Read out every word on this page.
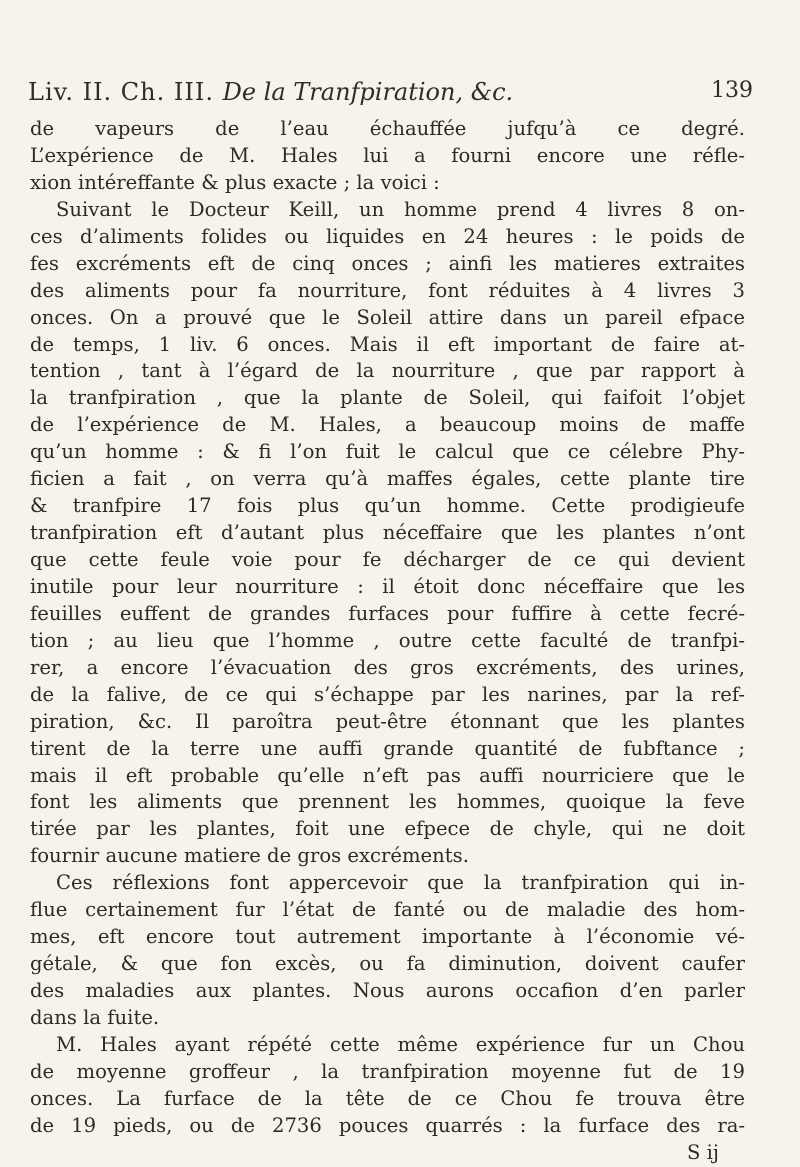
Liv. II. Ch. III. De la Tranfpiration, &c.	139
de vapeurs de l’eau échauffée jufqu’à ce degré.
L’expérience de M. Hales lui a fourni encore une réfle-
xion intéreffante & plus exacte ; la voici :
Suivant le Docteur Keill, un homme prend 4 livres 8 on-
ces d’aliments folides ou liquides en 24 heures : le poids de
fes excréments eft de cinq onces ; ainfi les matieres extraites
des aliments pour fa nourriture, font réduites à 4 livres 3
onces. On a prouvé que le Soleil attire dans un pareil efpace
de temps, 1 liv. 6 onces. Mais il eft important de faire at-
tention , tant à l’égard de la nourriture , que par rapport à
la tranfpiration , que la plante de Soleil, qui faifoit l’objet
de l’expérience de M. Hales, a beaucoup moins de maffe
qu’un homme : & fi l’on fuit le calcul que ce célebre Phy-
ficien a fait , on verra qu’à maffes égales, cette plante tire
& tranfpire 17 fois plus qu’un homme. Cette prodigieufe
tranfpiration eft d’autant plus néceffaire que les plantes n’ont
que cette feule voie pour fe décharger de ce qui devient
inutile pour leur nourriture : il étoit donc néceffaire que les
feuilles euffent de grandes furfaces pour fuffire à cette fecré-
tion ; au lieu que l’homme , outre cette faculté de tranfpi-
rer, a encore l’évacuation des gros excréments, des urines,
de la falive, de ce qui s’échappe par les narines, par la ref-
piration, &c. Il paroîtra peut-être étonnant que les plantes
tirent de la terre une auffi grande quantité de fubftance ;
mais il eft probable qu’elle n’eft pas auffi nourriciere que le
font les aliments que prennent les hommes, quoique la feve
tirée par les plantes, foit une efpece de chyle, qui ne doit
fournir aucune matiere de gros excréments.
Ces réflexions font appercevoir que la tranfpiration qui in-
flue certainement fur l’état de fanté ou de maladie des hom-
mes, eft encore tout autrement importante à l’économie vé-
gétale, & que fon excès, ou fa diminution, doivent caufer
des maladies aux plantes. Nous aurons occafion d’en parler
dans la fuite.
M. Hales ayant répété cette même expérience fur un Chou
de moyenne groffeur , la tranfpiration moyenne fut de 19
onces. La furface de la tête de ce Chou fe trouva être
de 19 pieds, ou de 2736 pouces quarrés : la furface des ra-
S ij
